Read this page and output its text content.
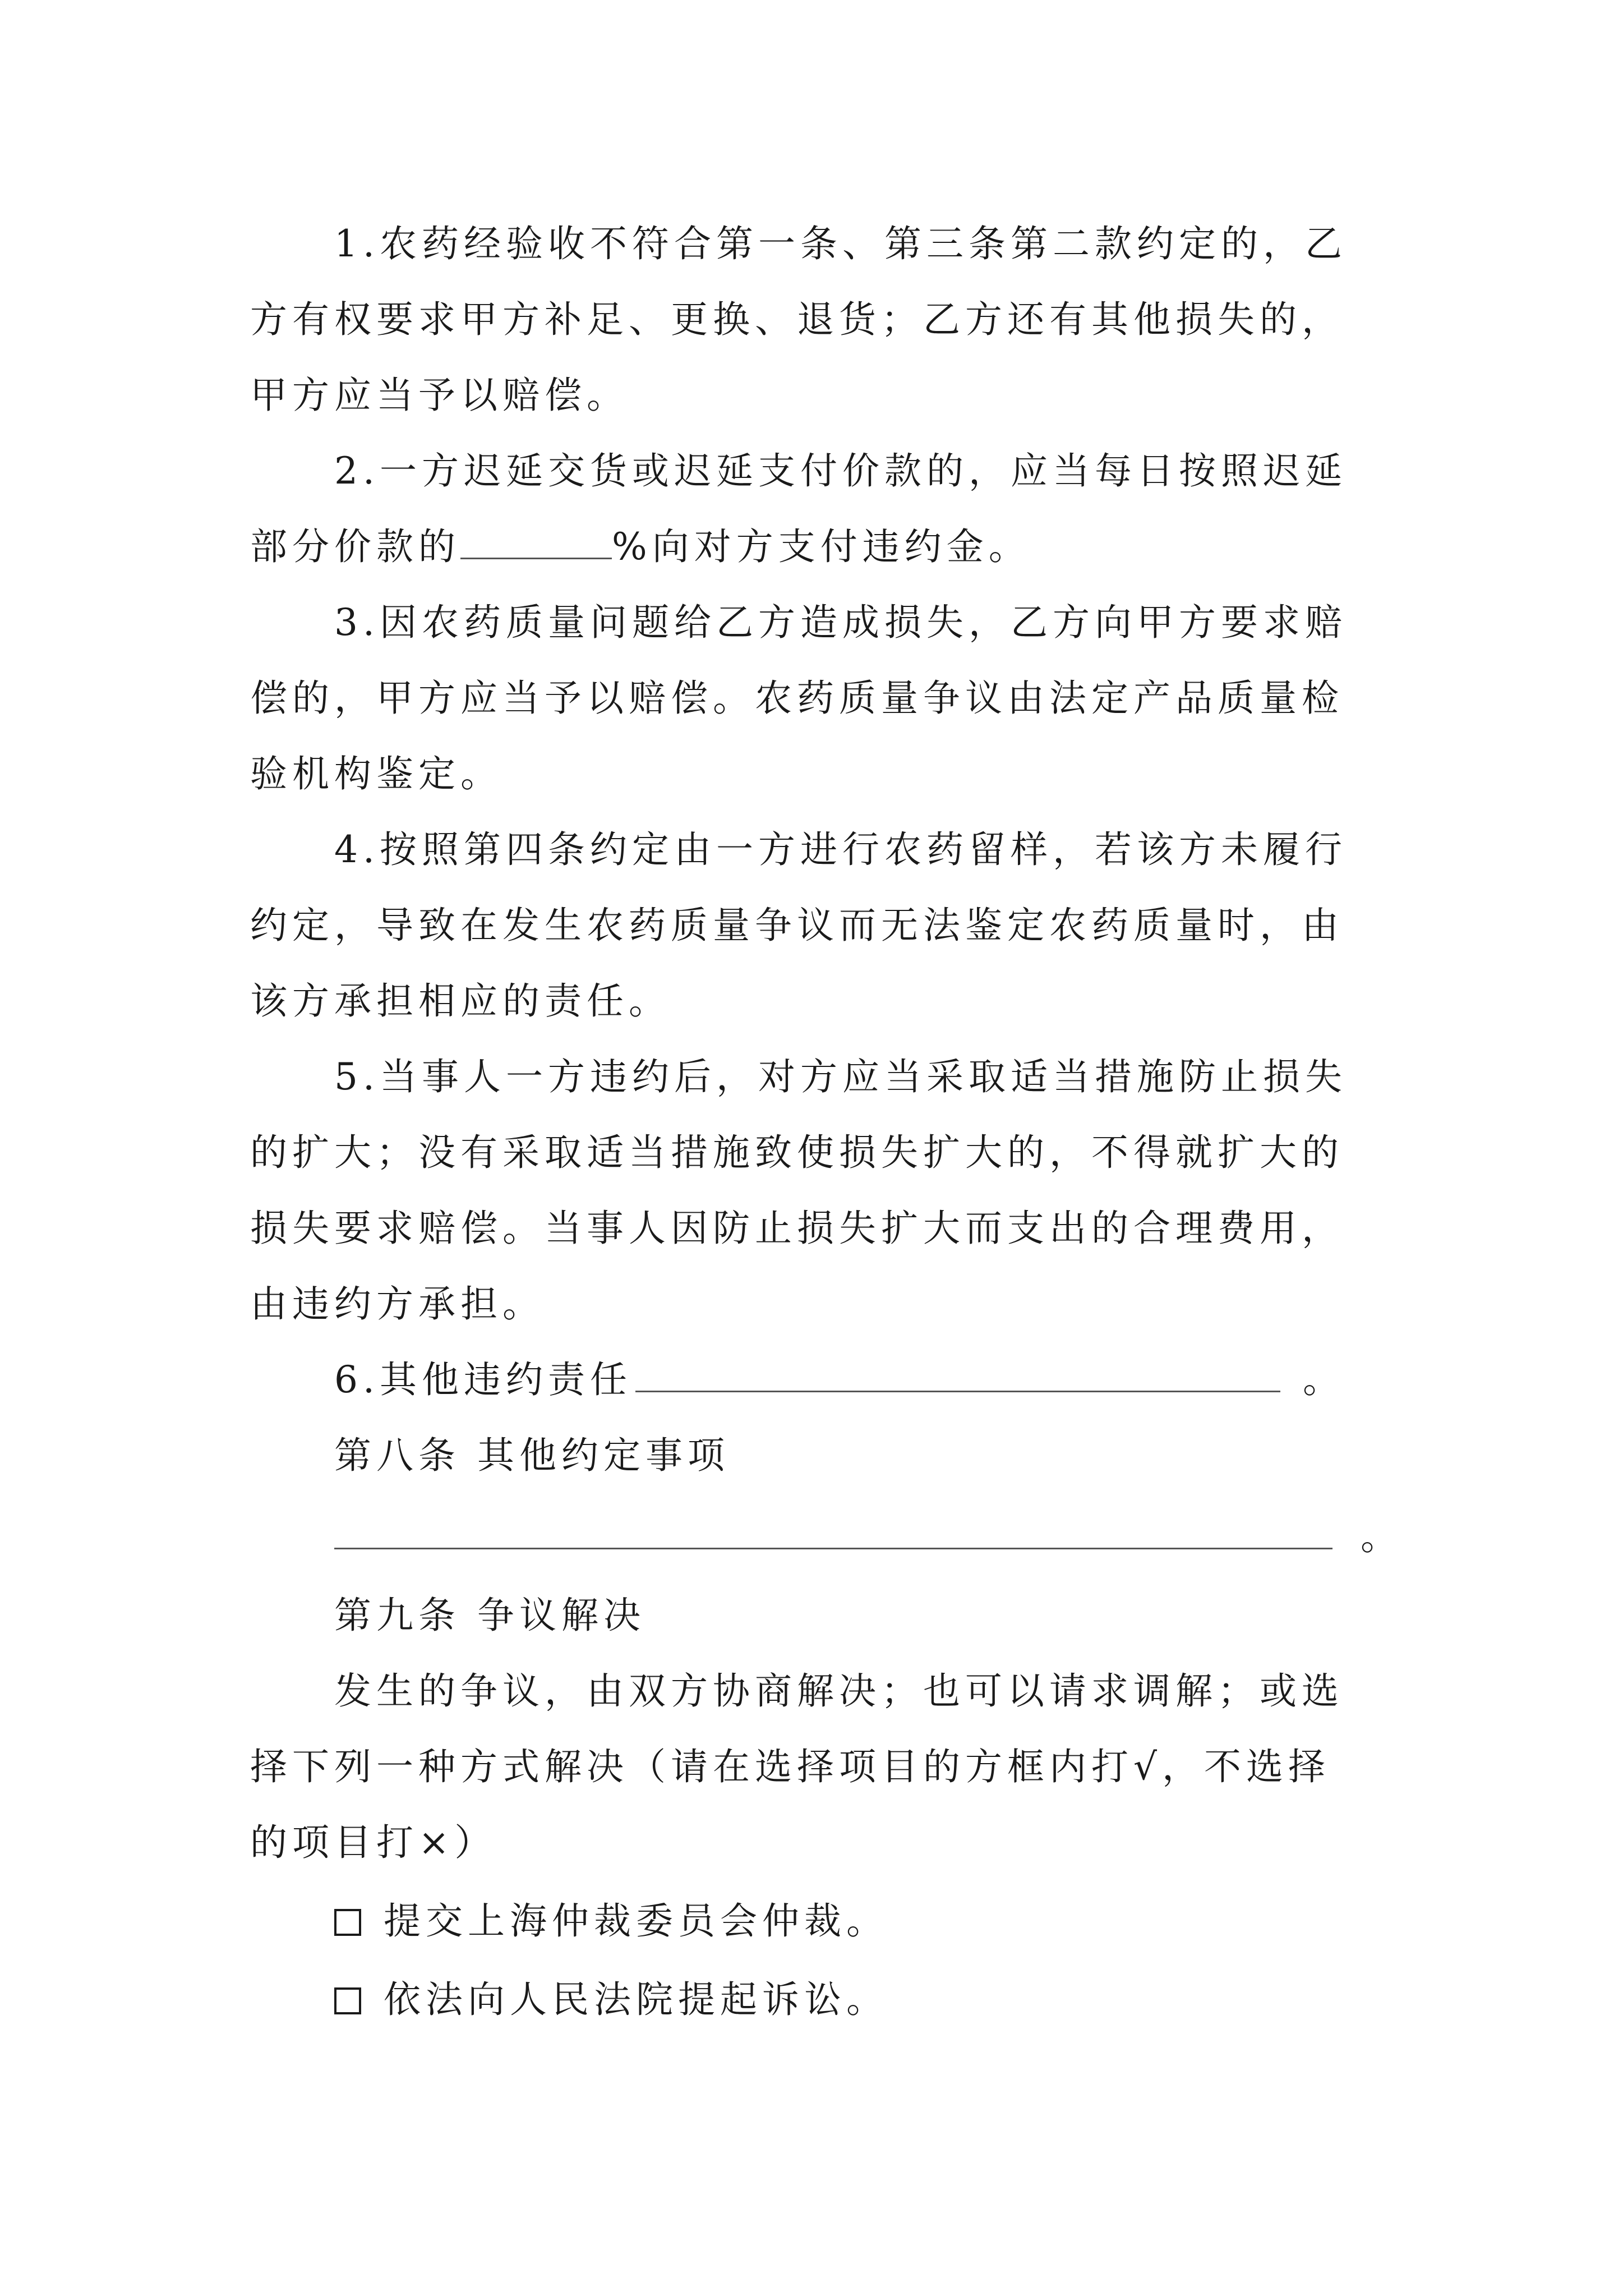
1.农药经验收不符合第一条、第三条第二款约定的，乙
方有权要求甲方补足、更换、退货；乙方还有其他损失的，
甲方应当予以赔偿。
2.一方迟延交货或迟延支付价款的，应当每日按照迟延
部分价款的	%向对方支付违约金。
3.因农药质量问题给乙方造成损失，乙方向甲方要求赔
偿的，甲方应当予以赔偿。农药质量争议由法定产品质量检
验机构鉴定。
4.按照第四条约定由一方进行农药留样，若该方未履行
约定，导致在发生农药质量争议而无法鉴定农药质量时，由
该方承担相应的责任。
5.当事人一方违约后，对方应当采取适当措施防止损失
的扩大；没有采取适当措施致使损失扩大的，不得就扩大的
损失要求赔偿。当事人因防止损失扩大而支出的合理费用，
由违约方承担。
6.其他违约责任	。
第八条 其他约定事项
。
第九条 争议解决
发生的争议，由双方协商解决；也可以请求调解；或选
择下列一种方式解决（请在选择项目的方框内打√，不选择
的项目打×）
提交上海仲裁委员会仲裁。
依法向人民法院提起诉讼。
